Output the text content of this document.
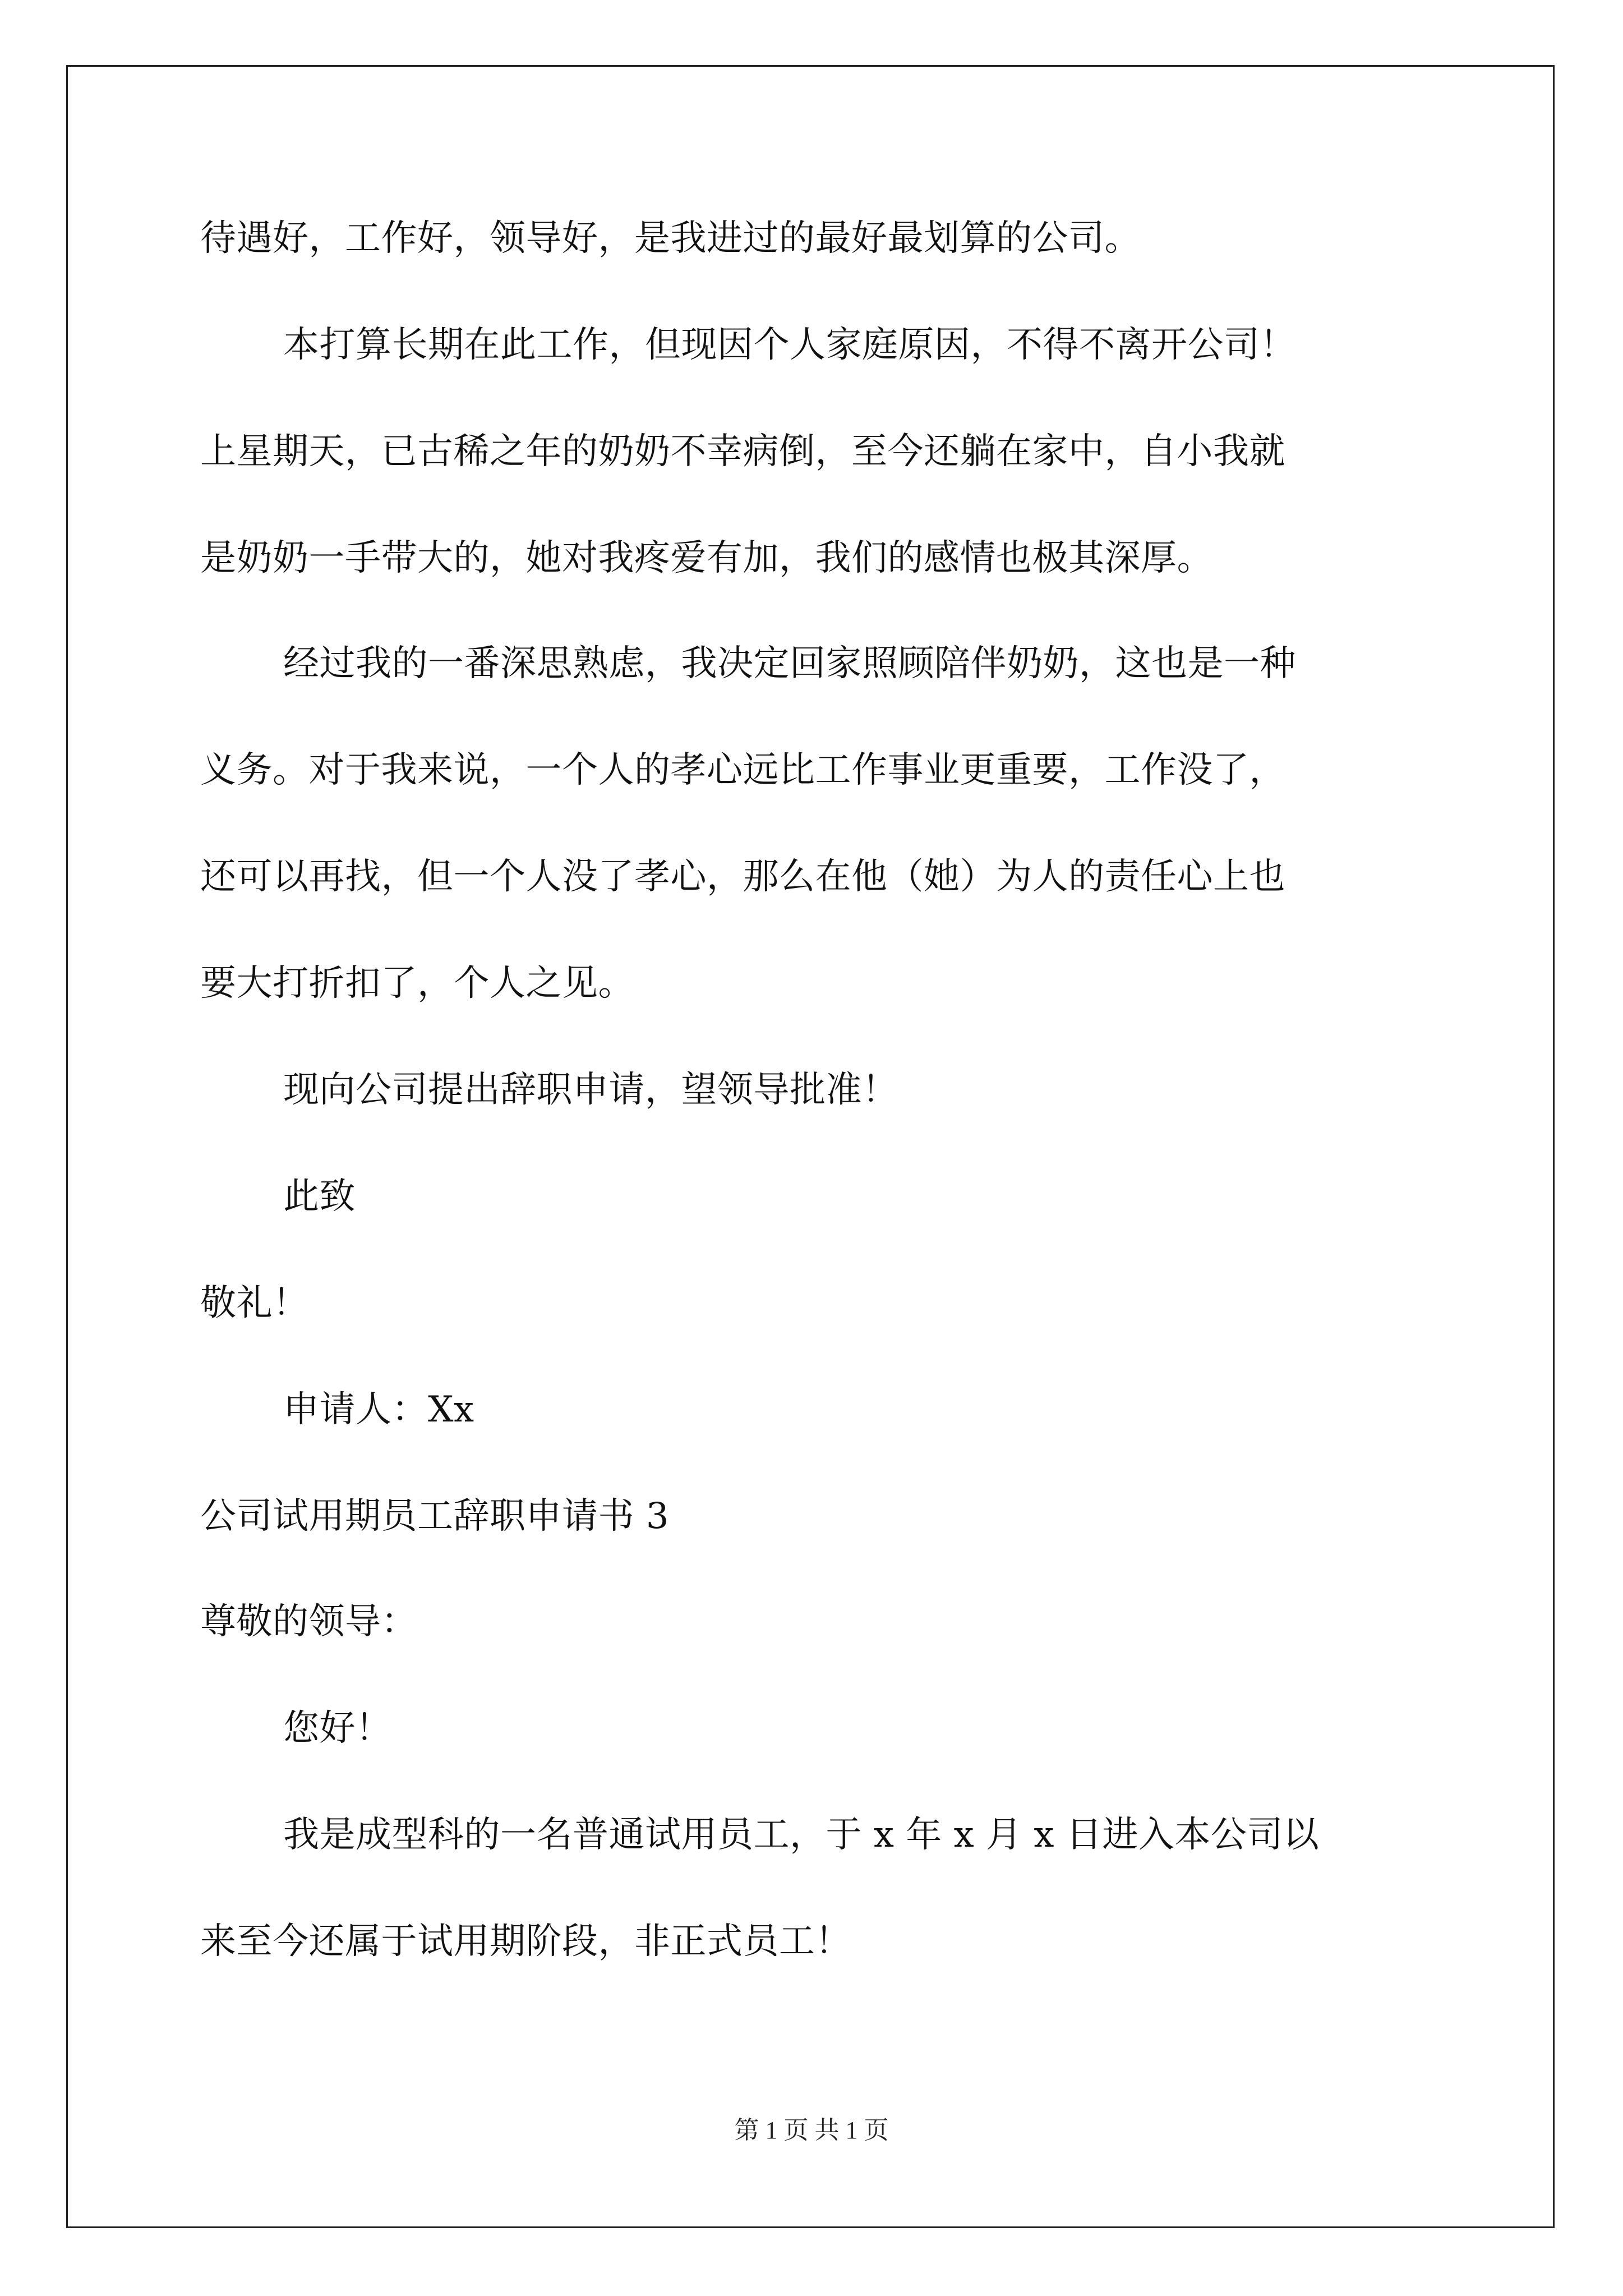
待遇好，工作好，领导好，是我进过的最好最划算的公司。
本打算长期在此工作，但现因个人家庭原因，不得不离开公司！
上星期天，已古稀之年的奶奶不幸病倒，至今还躺在家中，自小我就
是奶奶一手带大的，她对我疼爱有加，我们的感情也极其深厚。
经过我的一番深思熟虑，我决定回家照顾陪伴奶奶，这也是一种
义务。对于我来说，一个人的孝心远比工作事业更重要，工作没了，
还可以再找，但一个人没了孝心，那么在他（她）为人的责任心上也
要大打折扣了，个人之见。
现向公司提出辞职申请，望领导批准！
此致
敬礼！
申请人：Xx
公司试用期员工辞职申请书 3
尊敬的领导：
您好！
我是成型科的一名普通试用员工，于 x 年 x 月 x 日进入本公司以
来至今还属于试用期阶段，非正式员工！
第 1 页 共 1 页
